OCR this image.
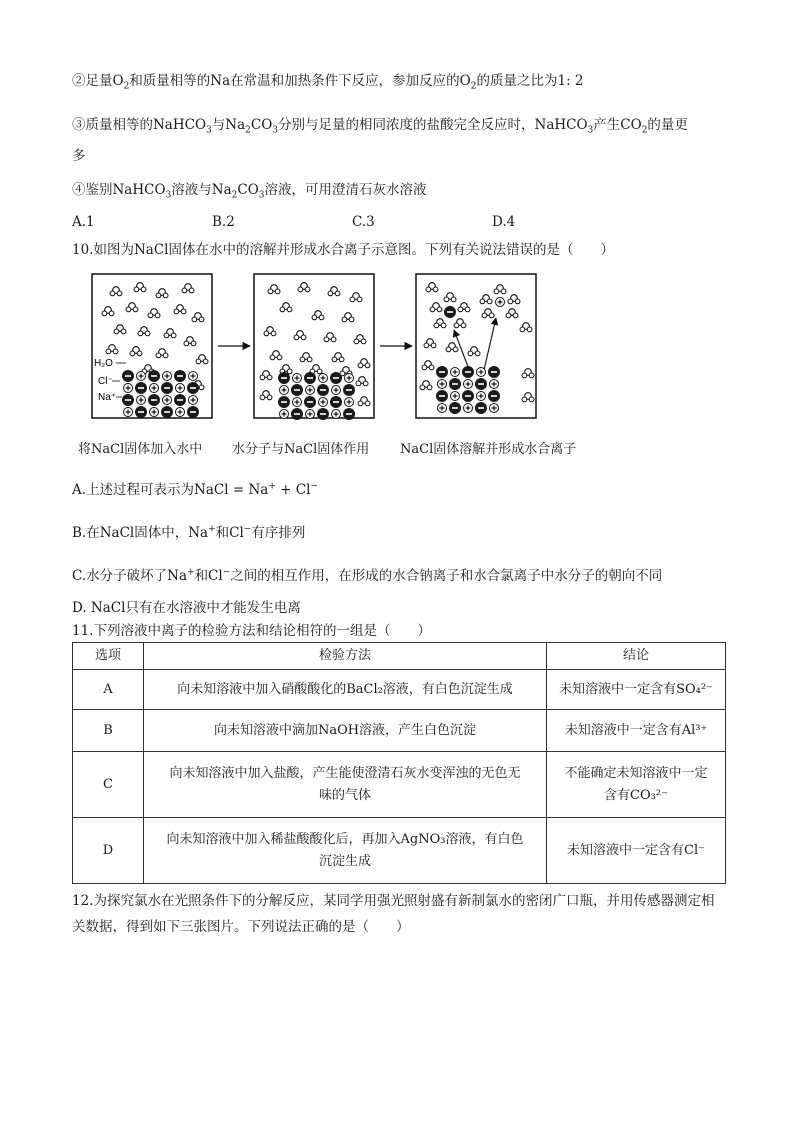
②足量$O_2$和质量相等的Na在常温和加热条件下反应，参加反应的$O_2$的质量之比为1: 2
③质量相等的NaHCO$_3$与$Na_2CO_3$分别与足量的相同浓度的盐酸完全反应时，NaHCO$_3$产生$CO_2$的量更
多
④鉴别NaHCO$_3$溶液与$Na_2CO_3$溶液，可用澄清石灰水溶液
A.1	B.2	C.3	D.4
10.如图为NaCl固体在水中的溶解并形成水合离子示意图。下列有关说法错误的是（　　）
H₂O
Cl⁻
Na⁺
将NaCl固体加入水中 水分子与NaCl固体作用 NaCl固体溶解并形成水合离子
A.上述过程可表示为NaCl = Na+ + Cl−
B.在NaCl固体中，Na+和Cl−有序排列
C.水分子破坏了Na+和Cl−之间的相互作用，在形成的水合钠离子和水合氯离子中水分子的朝向不同
D. NaCl只有在水溶液中才能发生电离
11.下列溶液中离子的检验方法和结论相符的一组是（　　）
选项	检验方法	结论
A	向未知溶液中加入硝酸酸化的BaCl₂溶液，有白色沉淀生成	未知溶液中一定含有SO₄²⁻
B	向未知溶液中滴加NaOH溶液，产生白色沉淀	未知溶液中一定含有Al³⁺
C	向未知溶液中加入盐酸，产生能使澄清石灰水变浑浊的无色无味的气体	不能确定未知溶液中一定含有CO₃²⁻
D	向未知溶液中加入稀盐酸酸化后，再加入AgNO₃溶液，有白色沉淀生成	未知溶液中一定含有Cl⁻
12.为探究氯水在光照条件下的分解反应，某同学用强光照射盛有新制氯水的密闭广口瓶，并用传感器测定相关数据，得到如下三张图片。下列说法正确的是（　　）
